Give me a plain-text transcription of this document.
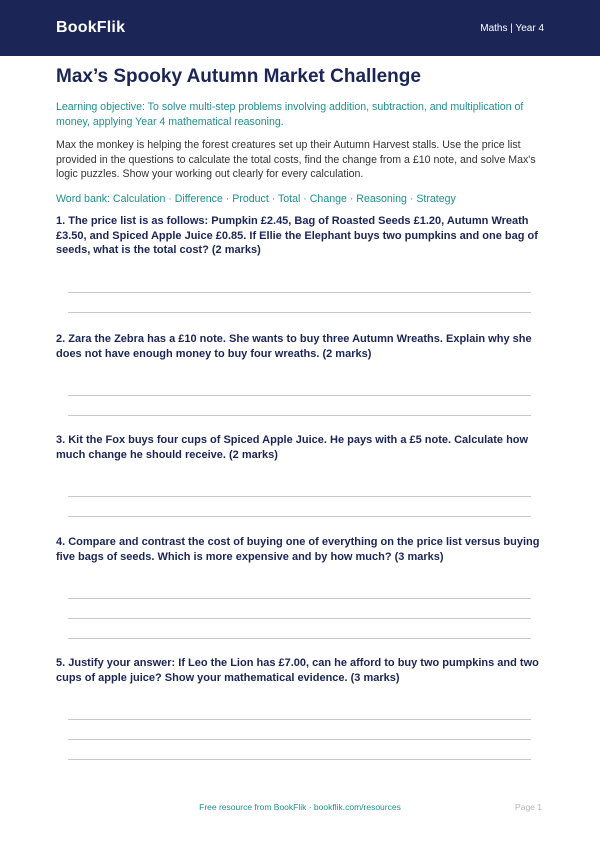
BookFlik	Maths | Year 4
Max’s Spooky Autumn Market Challenge

Learning objective: To solve multi-step problems involving addition, subtraction, and multiplication of money, applying Year 4 mathematical reasoning.

Max the monkey is helping the forest creatures set up their Autumn Harvest stalls. Use the price list provided in the questions to calculate the total costs, find the change from a £10 note, and solve Max's logic puzzles. Show your working out clearly for every calculation.

Word bank: Calculation · Difference · Product · Total · Change · Reasoning · Strategy

1. The price list is as follows: Pumpkin £2.45, Bag of Roasted Seeds £1.20, Autumn Wreath £3.50, and Spiced Apple Juice £0.85. If Ellie the Elephant buys two pumpkins and one bag of seeds, what is the total cost? (2 marks)

2. Zara the Zebra has a £10 note. She wants to buy three Autumn Wreaths. Explain why she does not have enough money to buy four wreaths. (2 marks)

3. Kit the Fox buys four cups of Spiced Apple Juice. He pays with a £5 note. Calculate how much change he should receive. (2 marks)

4. Compare and contrast the cost of buying one of everything on the price list versus buying five bags of seeds. Which is more expensive and by how much? (3 marks)

5. Justify your answer: If Leo the Lion has £7.00, can he afford to buy two pumpkins and two cups of apple juice? Show your mathematical evidence. (3 marks)

Free resource from BookFlik · bookflik.com/resources	Page 1
